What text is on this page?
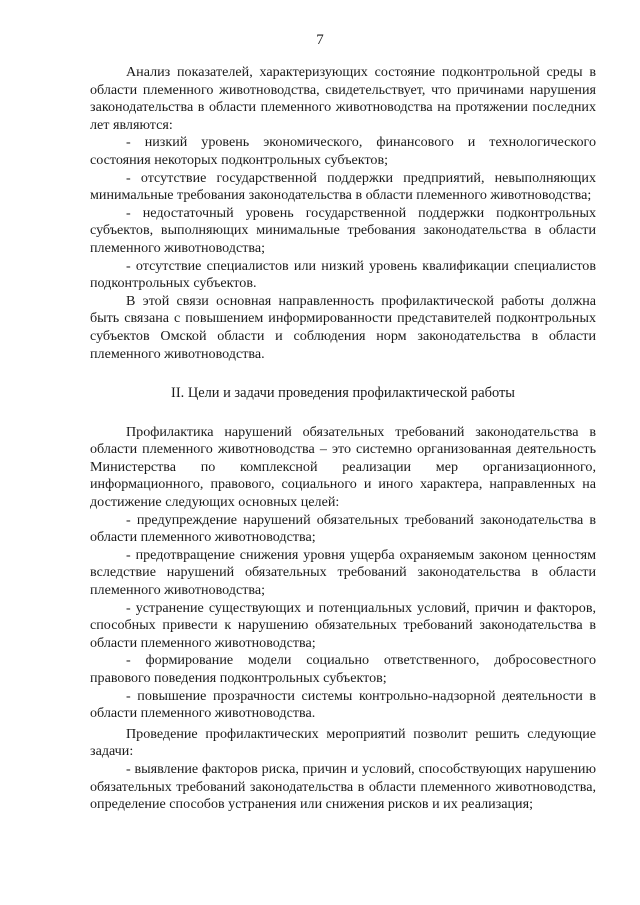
7

Анализ показателей, характеризующих состояние подконтрольной среды в области племенного животноводства, свидетельствует, что причинами нарушения законодательства в области племенного животноводства на протяжении последних лет являются:

- низкий уровень экономического, финансового и технологического состояния некоторых подконтрольных субъектов;

- отсутствие государственной поддержки предприятий, невыполняющих минимальные требования законодательства в области племенного животноводства;

- недостаточный уровень государственной поддержки подконтрольных субъектов, выполняющих минимальные требования законодательства в области племенного животноводства;

- отсутствие специалистов или низкий уровень квалификации специалистов подконтрольных субъектов.

В этой связи основная направленность профилактической работы должна быть связана с повышением информированности представителей подконтрольных субъектов Омской области и соблюдения норм законодательства в области племенного животноводства.

II. Цели и задачи проведения профилактической работы

Профилактика нарушений обязательных требований законодательства в области племенного животноводства – это системно организованная деятельность Министерства по комплексной реализации мер организационного, информационного, правового, социального и иного характера, направленных на достижение следующих основных целей:

- предупреждение нарушений обязательных требований законодательства в области племенного животноводства;

- предотвращение снижения уровня ущерба охраняемым законом ценностям вследствие нарушений обязательных требований законодательства в области племенного животноводства;

- устранение существующих и потенциальных условий, причин и факторов, способных привести к нарушению обязательных требований законодательства в области племенного животноводства;

- формирование модели социально ответственного, добросовестного правового поведения подконтрольных субъектов;

- повышение прозрачности системы контрольно-надзорной деятельности в области племенного животноводства.

Проведение профилактических мероприятий позволит решить следующие задачи:

- выявление факторов риска, причин и условий, способствующих нарушению обязательных требований законодательства в области племенного животноводства, определение способов устранения или снижения рисков и их реализация;
